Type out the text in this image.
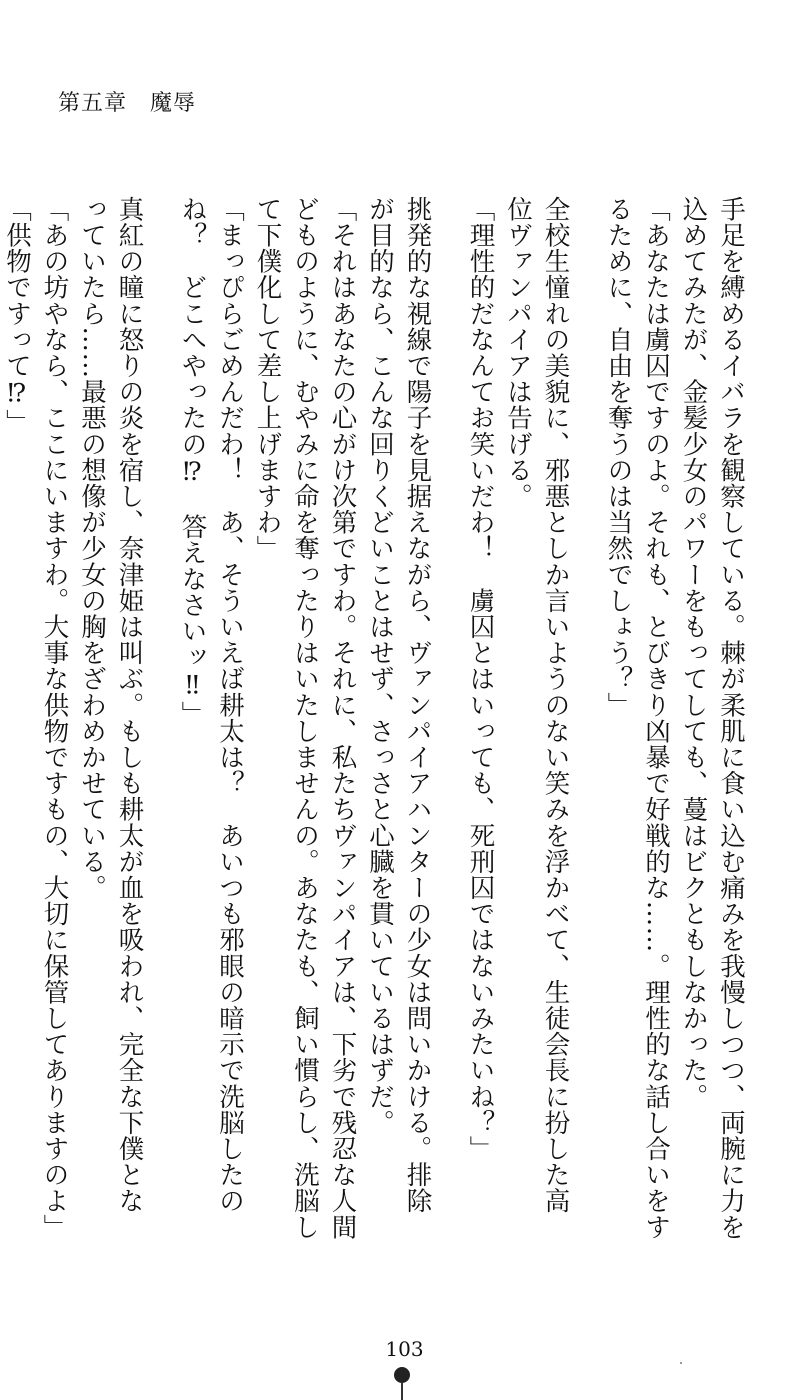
第五章　魔辱
手足を縛めるイバラを観察している。棘が柔肌に食い込む痛みを我慢しつつ、両腕に力を
込めてみたが、金髪少女のパワーをもってしても、蔓はビクともしなかった。
「あなたは虜囚ですのよ。それも、とびきり凶暴で好戦的な……。理性的な話し合いをす
るために、自由を奪うのは当然でしょう？」
全校生憧れの美貌に、邪悪としか言いようのない笑みを浮かべて、生徒会長に扮した高
位ヴァンパイアは告げる。
「理性的だなんてお笑いだわ！　虜囚とはいっても、死刑囚ではないみたいね？」
挑発的な視線で陽子を見据えながら、ヴァンパイアハンターの少女は問いかける。排除
が目的なら、こんな回りくどいことはせず、さっさと心臓を貫いているはずだ。
「それはあなたの心がけ次第ですわ。それに、私たちヴァンパイアは、下劣で残忍な人間
どものように、むやみに命を奪ったりはいたしませんの。あなたも、飼い慣らし、洗脳し
て下僕化して差し上げますわ」
「まっぴらごめんだわ！　あ、そういえば耕太は？　あいつも邪眼の暗示で洗脳したの
ね？　どこへやったの⁉　答えなさいッ‼」
真紅の瞳に怒りの炎を宿し、奈津姫は叫ぶ。もしも耕太が血を吸われ、完全な下僕とな
っていたら……最悪の想像が少女の胸をざわめかせている。
「あの坊やなら、ここにいますわ。大事な供物ですもの、大切に保管してありますのよ」
「供物ですって⁉」
103
